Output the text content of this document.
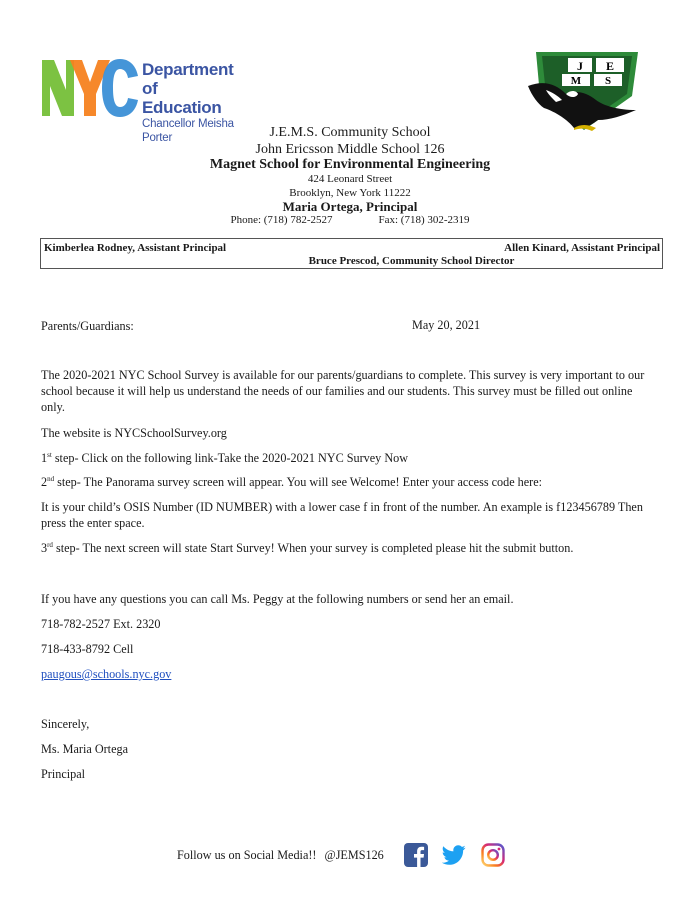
Department of
Education
Chancellor Meisha Porter
J E
M S
J.E.M.S. Community School
John Ericsson Middle School 126
Magnet School for Environmental Engineering
424 Leonard Street
Brooklyn, New York 11222
Maria Ortega, Principal
Phone: (718) 782-2527	Fax: (718) 302-2319
Kimberlea Rodney, Assistant Principal	Allen Kinard, Assistant Principal
Bruce Prescod, Community School Director
Parents/Guardians:	May 20, 2021
The 2020-2021 NYC School Survey is available for our parents/guardians to complete. This survey is very important to our school because it will help us understand the needs of our families and our students. This survey must be filled out online only.
The website is NYCSchoolSurvey.org
1st step- Click on the following link-Take the 2020-2021 NYC Survey Now
2nd step- The Panorama survey screen will appear. You will see Welcome! Enter your access code here:
It is your child’s OSIS Number (ID NUMBER) with a lower case f in front of the number. An example is f123456789 Then press the enter space.
3rd step- The next screen will state Start Survey! When your survey is completed please hit the submit button.
If you have any questions you can call Ms. Peggy at the following numbers or send her an email.
718-782-2527 Ext. 2320
718-433-8792 Cell
paugous@schools.nyc.gov
Sincerely,
Ms. Maria Ortega
Principal
Follow us on Social Media!! @JEMS126
